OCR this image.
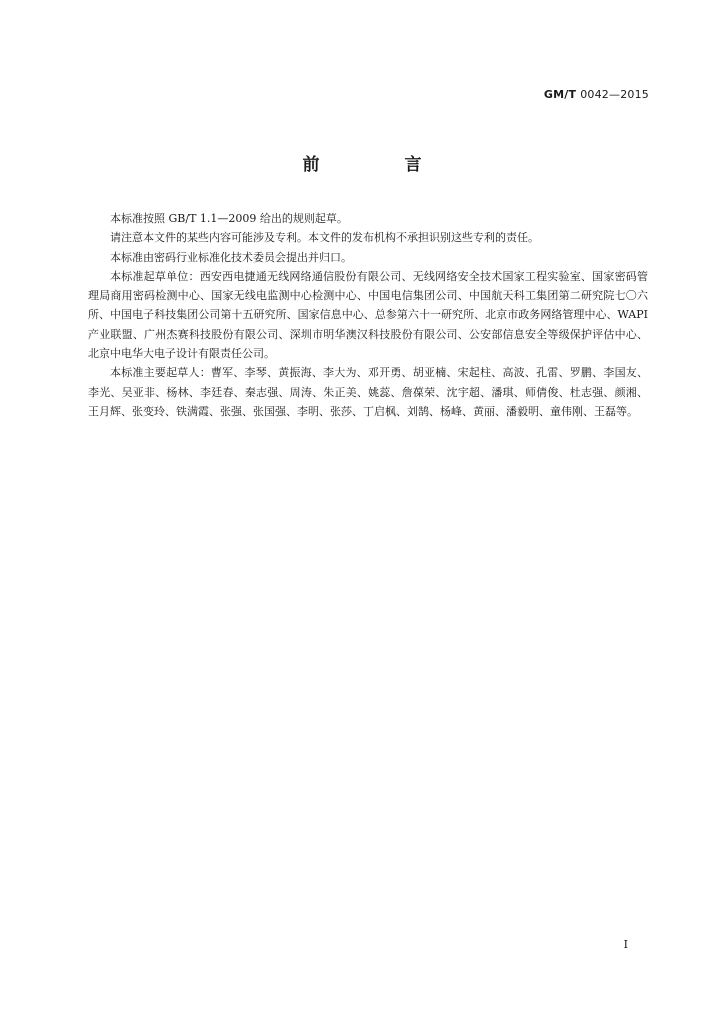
GM/T 0042—2015
前　言

本标准按照 GB/T 1.1—2009 给出的规则起草。

请注意本文件的某些内容可能涉及专利。本文件的发布机构不承担识别这些专利的责任。

本标准由密码行业标准化技术委员会提出并归口。

本标准起草单位：西安西电捷通无线网络通信股份有限公司、无线网络安全技术国家工程实验室、国家密码管理局商用密码检测中心、国家无线电监测中心检测中心、中国电信集团公司、中国航天科工集团第二研究院七〇六所、中国电子科技集团公司第十五研究所、国家信息中心、总参第六十一研究所、北京市政务网络管理中心、WAPI产业联盟、广州杰赛科技股份有限公司、深圳市明华澳汉科技股份有限公司、公安部信息安全等级保护评估中心、北京中电华大电子设计有限责任公司。

本标准主要起草人：曹军、李琴、黄振海、李大为、邓开勇、胡亚楠、宋起柱、高波、孔雷、罗鹏、李国友、李光、吴亚非、杨林、李廷春、秦志强、周涛、朱正美、姚蕊、詹葆荣、沈宇超、潘琪、师倩俊、杜志强、颜湘、王月辉、张变玲、铁满霞、张强、张国强、李明、张莎、丁启枫、刘鹄、杨峰、黄丽、潘毅明、童伟刚、王磊等。

I
